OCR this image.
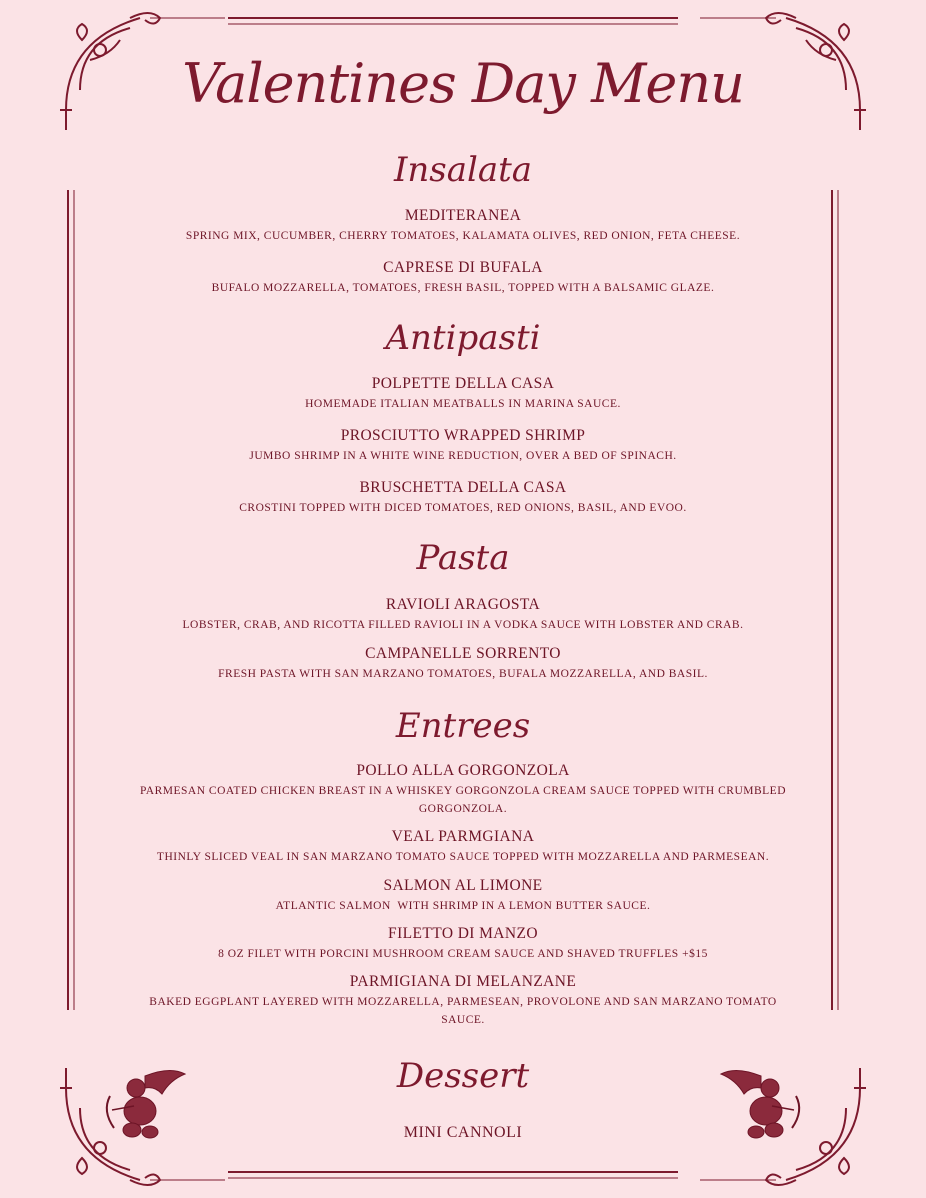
Valentines Day Menu
Insalata
MEDITERANEA
SPRING MIX, CUCUMBER, CHERRY TOMATOES, KALAMATA OLIVES, RED ONION, FETA CHEESE.
CAPRESE DI BUFALA
BUFALO MOZZARELLA, TOMATOES, FRESH BASIL, TOPPED WITH A BALSAMIC GLAZE.
Antipasti
POLPETTE DELLA CASA
HOMEMADE ITALIAN MEATBALLS IN MARINA SAUCE.
PROSCIUTTO WRAPPED SHRIMP
JUMBO SHRIMP IN A WHITE WINE REDUCTION, OVER A BED OF SPINACH.
BRUSCHETTA DELLA CASA
CROSTINI TOPPED WITH DICED TOMATOES, RED ONIONS, BASIL, AND EVOO.
Pasta
RAVIOLI ARAGOSTA
LOBSTER, CRAB, AND RICOTTA FILLED RAVIOLI IN A VODKA SAUCE WITH LOBSTER AND CRAB.
CAMPANELLE SORRENTO
FRESH PASTA WITH SAN MARZANO TOMATOES, BUFALA MOZZARELLA, AND BASIL.
Entrees
POLLO ALLA GORGONZOLA
PARMESAN COATED CHICKEN BREAST IN A WHISKEY GORGONZOLA CREAM SAUCE TOPPED WITH CRUMBLED GORGONZOLA.
VEAL PARMGIANA
THINLY SLICED VEAL IN SAN MARZANO TOMATO SAUCE TOPPED WITH MOZZARELLA AND PARMESEAN.
SALMON AL LIMONE
ATLANTIC SALMON  WITH SHRIMP IN A LEMON BUTTER SAUCE.
FILETTO DI MANZO
8 OZ FILET WITH PORCINI MUSHROOM CREAM SAUCE AND SHAVED TRUFFLES +$15
PARMIGIANA DI MELANZANE
BAKED EGGPLANT LAYERED WITH MOZZARELLA, PARMESEAN, PROVOLONE AND SAN MARZANO TOMATO SAUCE.
Dessert
MINI CANNOLI
